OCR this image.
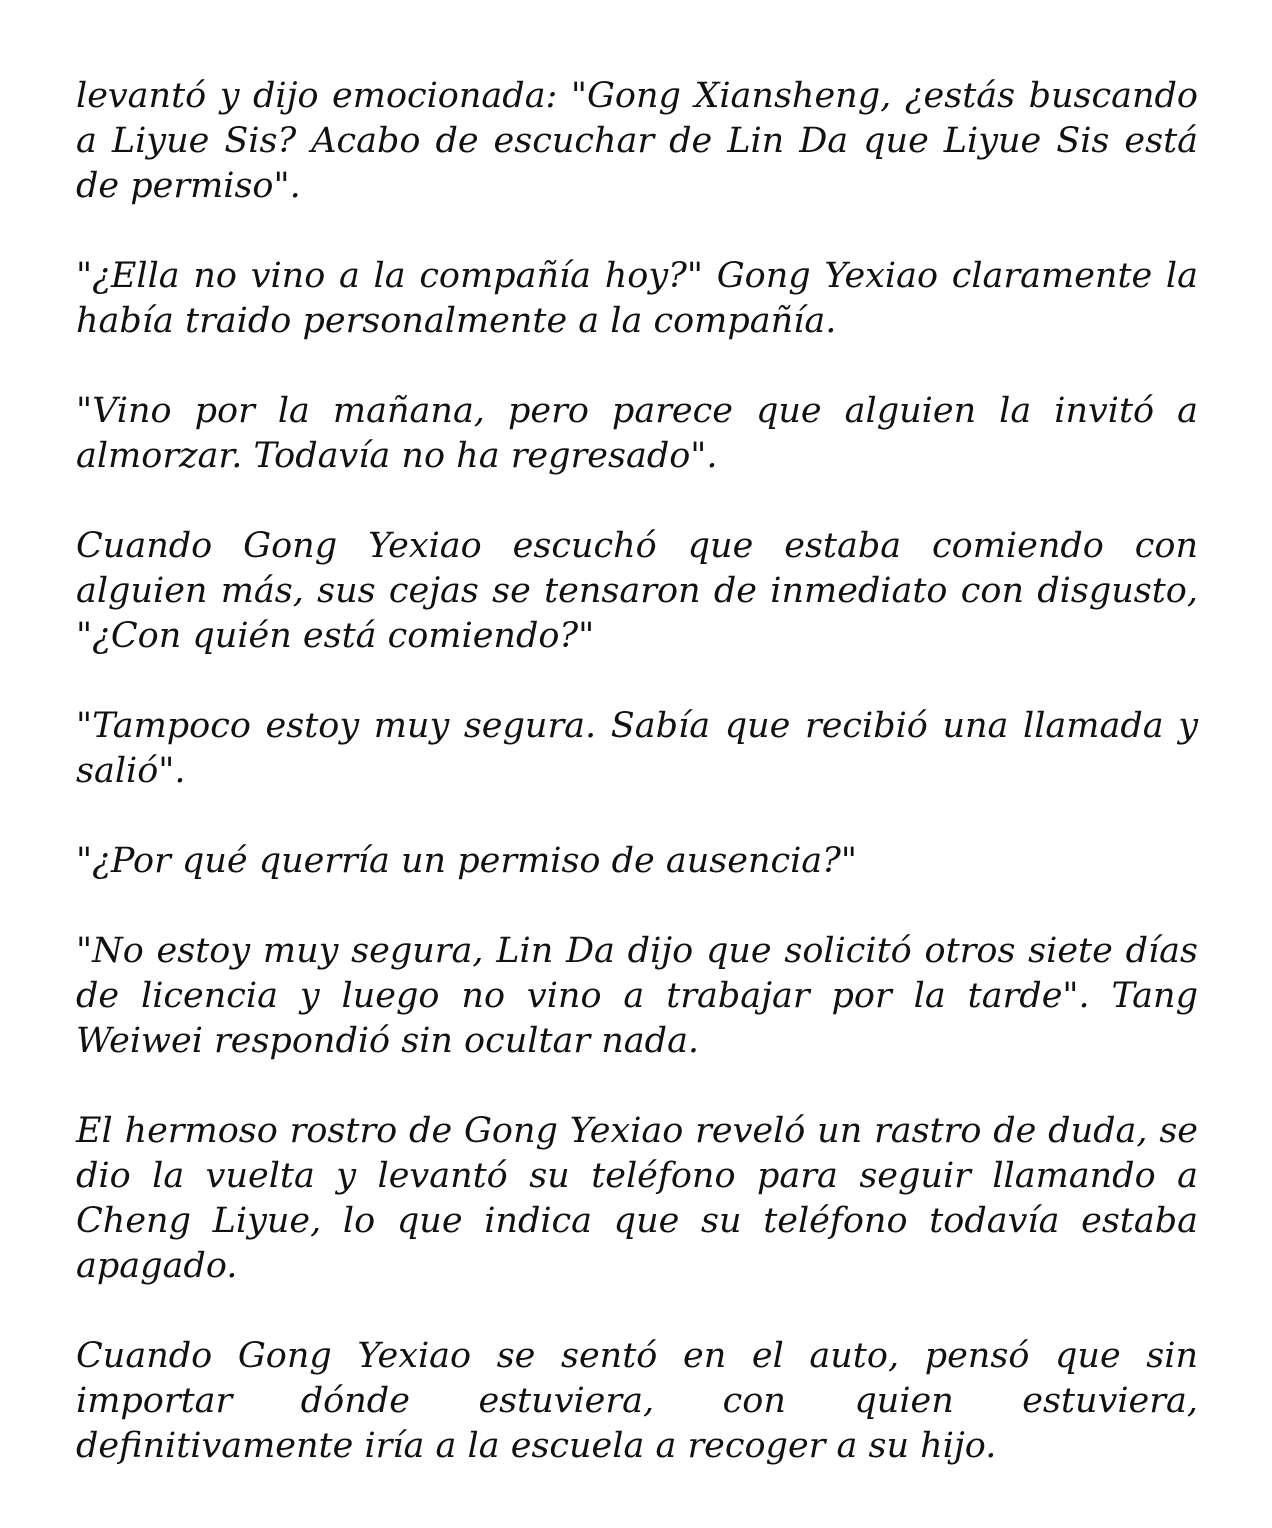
levantó y dijo emocionada: "Gong Xiansheng, ¿estás buscando a Liyue Sis? Acabo de escuchar de Lin Da que Liyue Sis está de permiso".

"¿Ella no vino a la compañía hoy?" Gong Yexiao claramente la había traido personalmente a la compañía.

"Vino por la mañana, pero parece que alguien la invitó a almorzar. Todavía no ha regresado".

Cuando Gong Yexiao escuchó que estaba comiendo con alguien más, sus cejas se tensaron de inmediato con disgusto, "¿Con quién está comiendo?"

"Tampoco estoy muy segura. Sabía que recibió una llamada y salió".

"¿Por qué querría un permiso de ausencia?"

"No estoy muy segura, Lin Da dijo que solicitó otros siete días de licencia y luego no vino a trabajar por la tarde". Tang Weiwei respondió sin ocultar nada.

El hermoso rostro de Gong Yexiao reveló un rastro de duda, se dio la vuelta y levantó su teléfono para seguir llamando a Cheng Liyue, lo que indica que su teléfono todavía estaba apagado.

Cuando Gong Yexiao se sentó en el auto, pensó que sin importar dónde estuviera, con quien estuviera, definitivamente iría a la escuela a recoger a su hijo.
